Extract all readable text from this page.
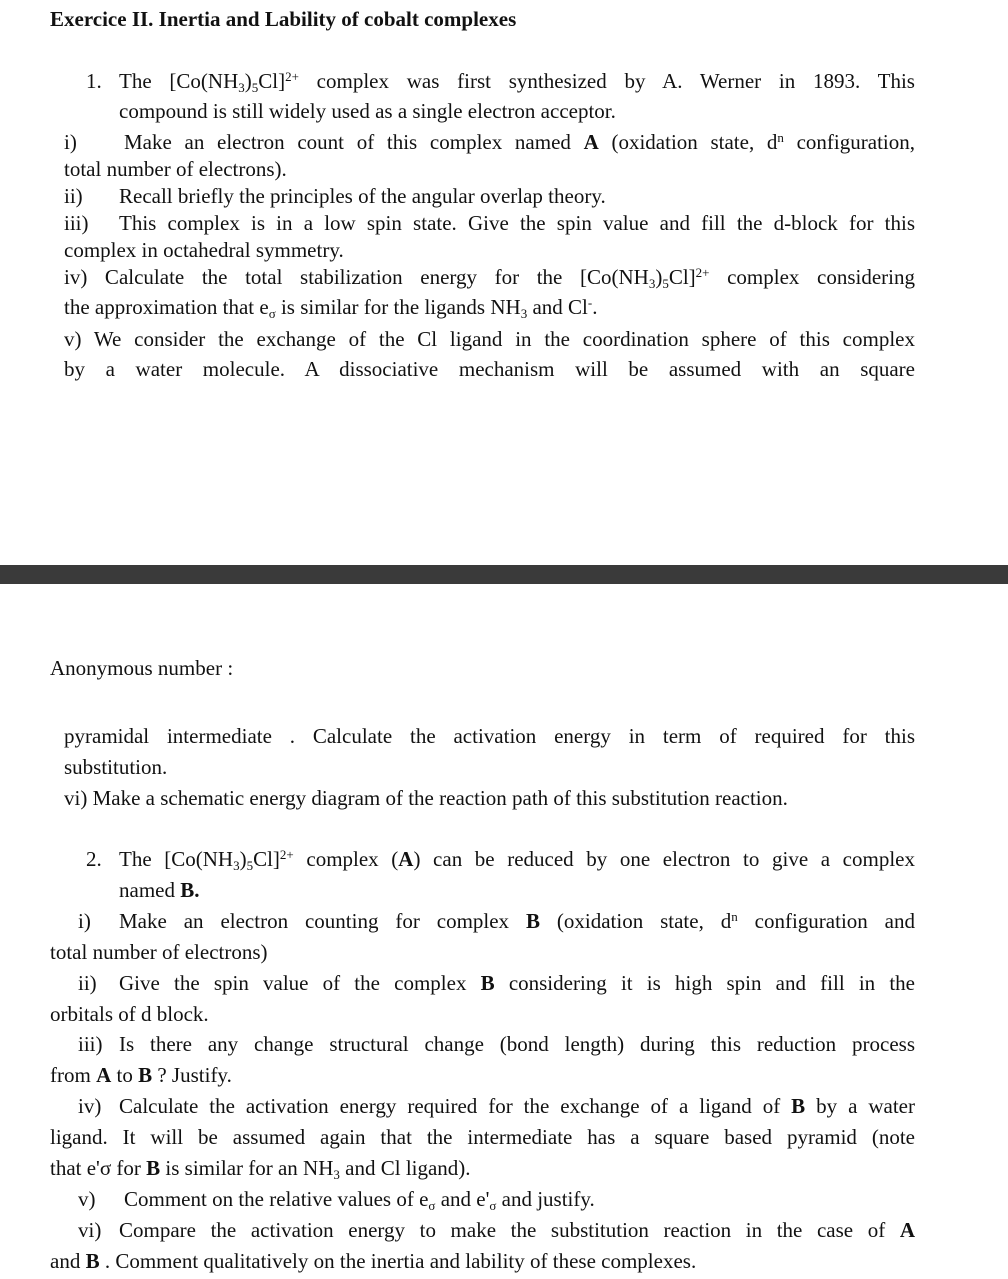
Exercice II. Inertia and Lability of cobalt complexes

1. The $[Co(NH_3)_5Cl]^{2+}$ complex was first synthesized by A. Werner in 1893. This

compound is still widely used as a single electron acceptor.

i) Make an electron count of this complex named A (oxidation state, $d^n$ configuration,

total number of electrons).

ii) Recall briefly the principles of the angular overlap theory.

iii) This complex is in a low spin state. Give the spin value and fill the d-block for this

complex in octahedral symmetry.

iv) Calculate the total stabilization energy for the $[Co(NH_3)_5Cl]^{2+}$ complex considering

the approximation that $e_\sigma$ is similar for the ligands $NH_3$ and Cl-.

v) We consider the exchange of the Cl ligand in the coordination sphere of this complex

by a water molecule. A dissociative mechanism will be assumed with an square

Anonymous number :

pyramidal intermediate . Calculate the activation energy in term of required for this

substitution.

vi) Make a schematic energy diagram of the reaction path of this substitution reaction.

2. The $[Co(NH_3)_5Cl]^{2+}$ complex (A) can be reduced by one electron to give a complex

named B.

i) Make an electron counting for complex B (oxidation state, $d^n$ configuration and

total number of electrons)

ii) Give the spin value of the complex B considering it is high spin and fill in the

orbitals of d block.

iii) Is there any change structural change (bond length) during this reduction process

from A to B ? Justify.

iv) Calculate the activation energy required for the exchange of a ligand of B by a water

ligand. It will be assumed again that the intermediate has a square based pyramid (note

that e'σ for B is similar for an $NH_3$ and Cl ligand).

v) Comment on the relative values of $e_\sigma$ and $e'_\sigma$ and justify.

vi) Compare the activation energy to make the substitution reaction in the case of A

and B . Comment qualitatively on the inertia and lability of these complexes.
